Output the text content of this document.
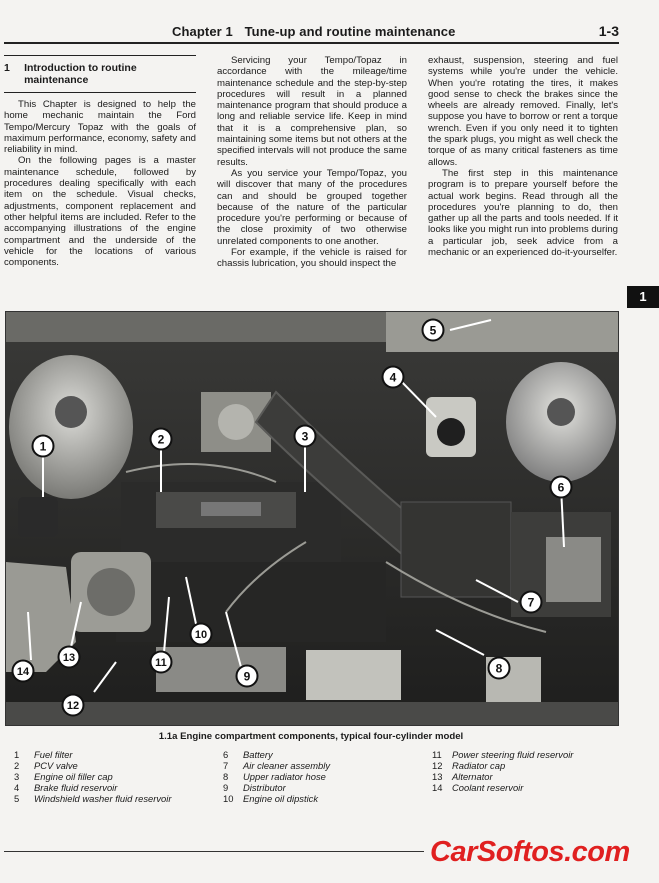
Chapter 1 Tune-up and routine maintenance	1-3
1	Introduction to routine maintenance

This Chapter is designed to help the home mechanic maintain the Ford Tempo/Mercury Topaz with the goals of maximum performance, economy, safety and reliability in mind.

On the following pages is a master maintenance schedule, followed by procedures dealing specifically with each item on the schedule. Visual checks, adjustments, component replacement and other helpful items are included. Refer to the accompanying illustrations of the engine compartment and the underside of the vehicle for the locations of various components.

Servicing your Tempo/Topaz in accordance with the mileage/time maintenance schedule and the step-by-step procedures will result in a planned maintenance program that should produce a long and reliable service life. Keep in mind that it is a comprehensive plan, so maintaining some items but not others at the specified intervals will not produce the same results.

As you service your Tempo/Topaz, you will discover that many of the procedures can and should be grouped together because of the nature of the particular procedure you're performing or because of the close proximity of two otherwise unrelated components to one another.

For example, if the vehicle is raised for chassis lubrication, you should inspect the

exhaust, suspension, steering and fuel systems while you're under the vehicle. When you're rotating the tires, it makes good sense to check the brakes since the wheels are already removed. Finally, let's suppose you have to borrow or rent a torque wrench. Even if you only need it to tighten the spark plugs, you might as well check the torque of as many critical fasteners as time allows.

The first step in this maintenance program is to prepare yourself before the actual work begins. Read through all the procedures you're planning to do, then gather up all the parts and tools needed. If it looks like you might run into problems during a particular job, seek advice from a mechanic or an experienced do-it-yourselfer.

1
1	2	3
4
5
6
7
8
9
10
11
12
13
14
1.1a Engine compartment components, typical four-cylinder model
1	Fuel filter
2	PCV valve
3	Engine oil filler cap
4	Brake fluid reservoir
5	Windshield washer fluid reservoir
6	Battery
7	Air cleaner assembly
8	Upper radiator hose
9	Distributor
10	Engine oil dipstick
11	Power steering fluid reservoir
12	Radiator cap
13	Alternator
14	Coolant reservoir
CarSoftos.com
